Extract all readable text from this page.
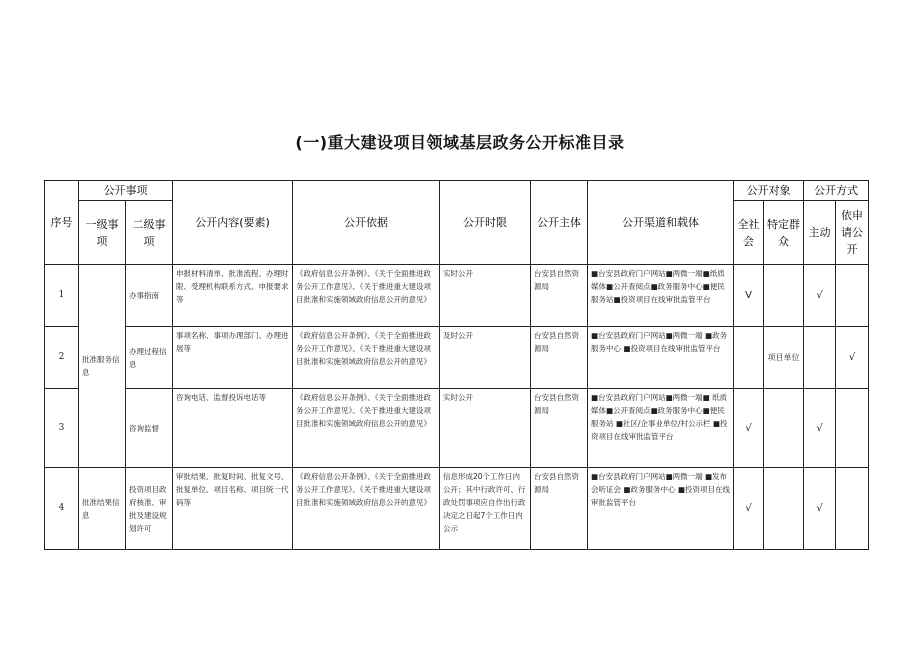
(一)重大建设项目领域基层政务公开标准目录
序号	公开事项		公开内容(要素)	公开依据	公开时限	公开主体	公开渠道和载体	公开对象		公开方式	
	一级事项	二级事项						全社会	特定群众	主动	依申请公开
1	批准服务信息	办事指南	申报材料清单、批准流程、办理时限、受理机构联系方式、申报要求等	《政府信息公开条例》、《关于全面推进政务公开工作意见》、《关于推进重大建设项目批准和实施领域政府信息公开的意见》	实时公开	台安县自然资源局	■台安县政府门户网站■两微一端■纸质媒体■公开查阅点■政务服务中心■便民服务站■投资项目在线审批监管平台	V		√	
2		办理过程信息	事项名称、事项办理部门、办理进展等	《政府信息公开条例》、《关于全面推进政务公开工作意见》、《关于推进重大建设项目批准和实施领域政府信息公开的意见》	及时公开	台安县自然资源局	■台安县政府门户网站■两微一端 ■政务服务中心 ■投资项目在线审批监管平台		项目单位		√
3		咨询监督	咨询电话、监督投诉电话等	《政府信息公开条例》、《关于全面推进政务公开工作意见》、《关于推进重大建设项目批准和实施领域政府信息公开的意见》	实时公开	台安县自然资源局	■台安县政府门户网站■两微一端■ 纸质媒体■公开查阅点■政务服务中心■便民服务站 ■社区/企事业单位/村公示栏 ■投资项目在线审批监管平台	√		√	
4	批准结果信息	投资项目政府核准、审批及建设规划许可	审批结果、批复时间、批复文号、批复单位、项目名称、项目统一代码等	《政府信息公开条例》、《关于全面推进政务公开工作意见》、《关于推进重大建设项目批准和实施领域政府信息公开的意见》	信息形成20个工作日内公开；其中行政许可、行政处罚事项应自作出行政决定之日起7个工作日内公示	台安县自然资源局	■台安县政府门户网站■两微一端 ■发布会听证会 ■政务服务中心 ■投资项目在线审批监管平台	√		√	
